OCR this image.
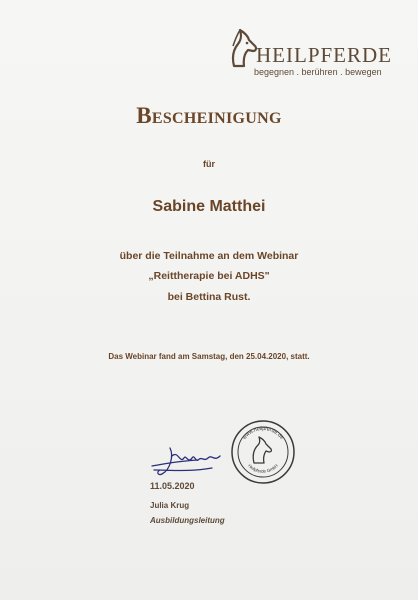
HEILPFERDE
begegnen . berühren . bewegen
Bescheinigung
für
Sabine Matthei
über die Teilnahme an dem Webinar
„Reittherapie bei ADHS"
bei Bettina Rust.
Das Webinar fand am Samstag, den 25.04.2020, statt.
www.heilpferde.de
Heilpferde GmbH
11.05.2020
Julia Krug
Ausbildungsleitung
